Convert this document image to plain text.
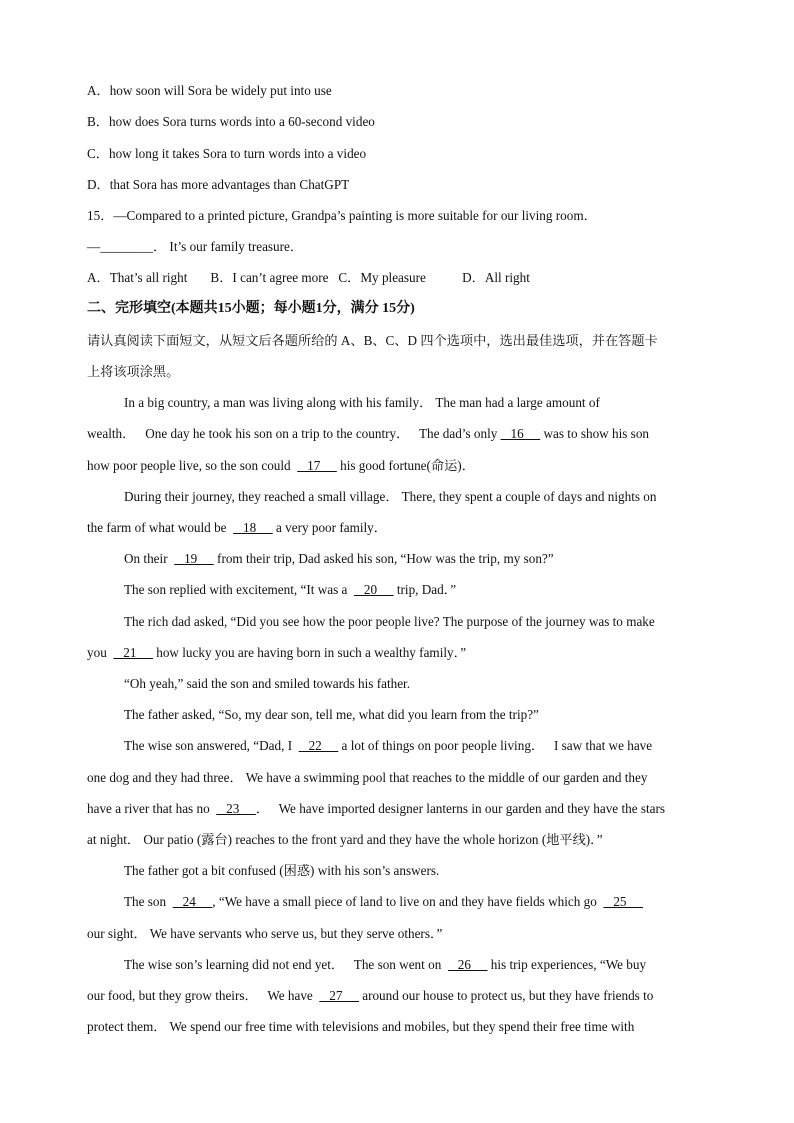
A．how soon will Sora be widely put into use
B．how does Sora turns words into a 60-second video
C．how long it takes Sora to turn words into a video
D．that Sora has more advantages than ChatGPT
15．—Compared to a printed picture, Grandpa’s painting is more suitable for our living room．
—________． It’s our family treasure．
A．That’s all right       B．I can’t agree more   C．My pleasure           D．All right
二、完形填空(本题共15小题；每小题1分，满分 15分)
请认真阅读下面短文，从短文后各题所给的 A、B、C、D 四个选项中，选出最佳选项，并在答题卡
上将该项涂黑。
In a big country, a man was living along with his family． The man had a large amount of
wealth．   One day he took his son on a trip to the country．   The dad’s only    16      was to show his son
how poor people live, so the son could     17      his good fortune(命运)．
During their journey, they reached a small village． There, they spent a couple of days and nights on
the farm of what would be     18      a very poor family．
On their     19      from their trip, Dad asked his son, “How was the trip, my son?”
The son replied with excitement, “It was a     20      trip, Dad．”
The rich dad asked, “Did you see how the poor people live? The purpose of the journey was to make
you     21      how lucky you are having born in such a wealthy family．”
“Oh yeah,” said the son and smiled towards his father.
The father asked, “So, my dear son, tell me, what did you learn from the trip?”
The wise son answered, “Dad, I     22      a lot of things on poor people living．   I saw that we have
one dog and they had three． We have a swimming pool that reaches to the middle of our garden and they
have a river that has no     23     ．   We have imported designer lanterns in our garden and they have the stars
at night． Our patio (露台) reaches to the front yard and they have the whole horizon (地平线)．”
The father got a bit confused (困惑) with his son’s answers.
The son     24     , “We have a small piece of land to live on and they have fields which go     25
our sight． We have servants who serve us, but they serve others．”
The wise son’s learning did not end yet．   The son went on     26      his trip experiences, “We buy
our food, but they grow theirs．   We have     27      around our house to protect us, but they have friends to
protect them． We spend our free time with televisions and mobiles, but they spend their free time with
